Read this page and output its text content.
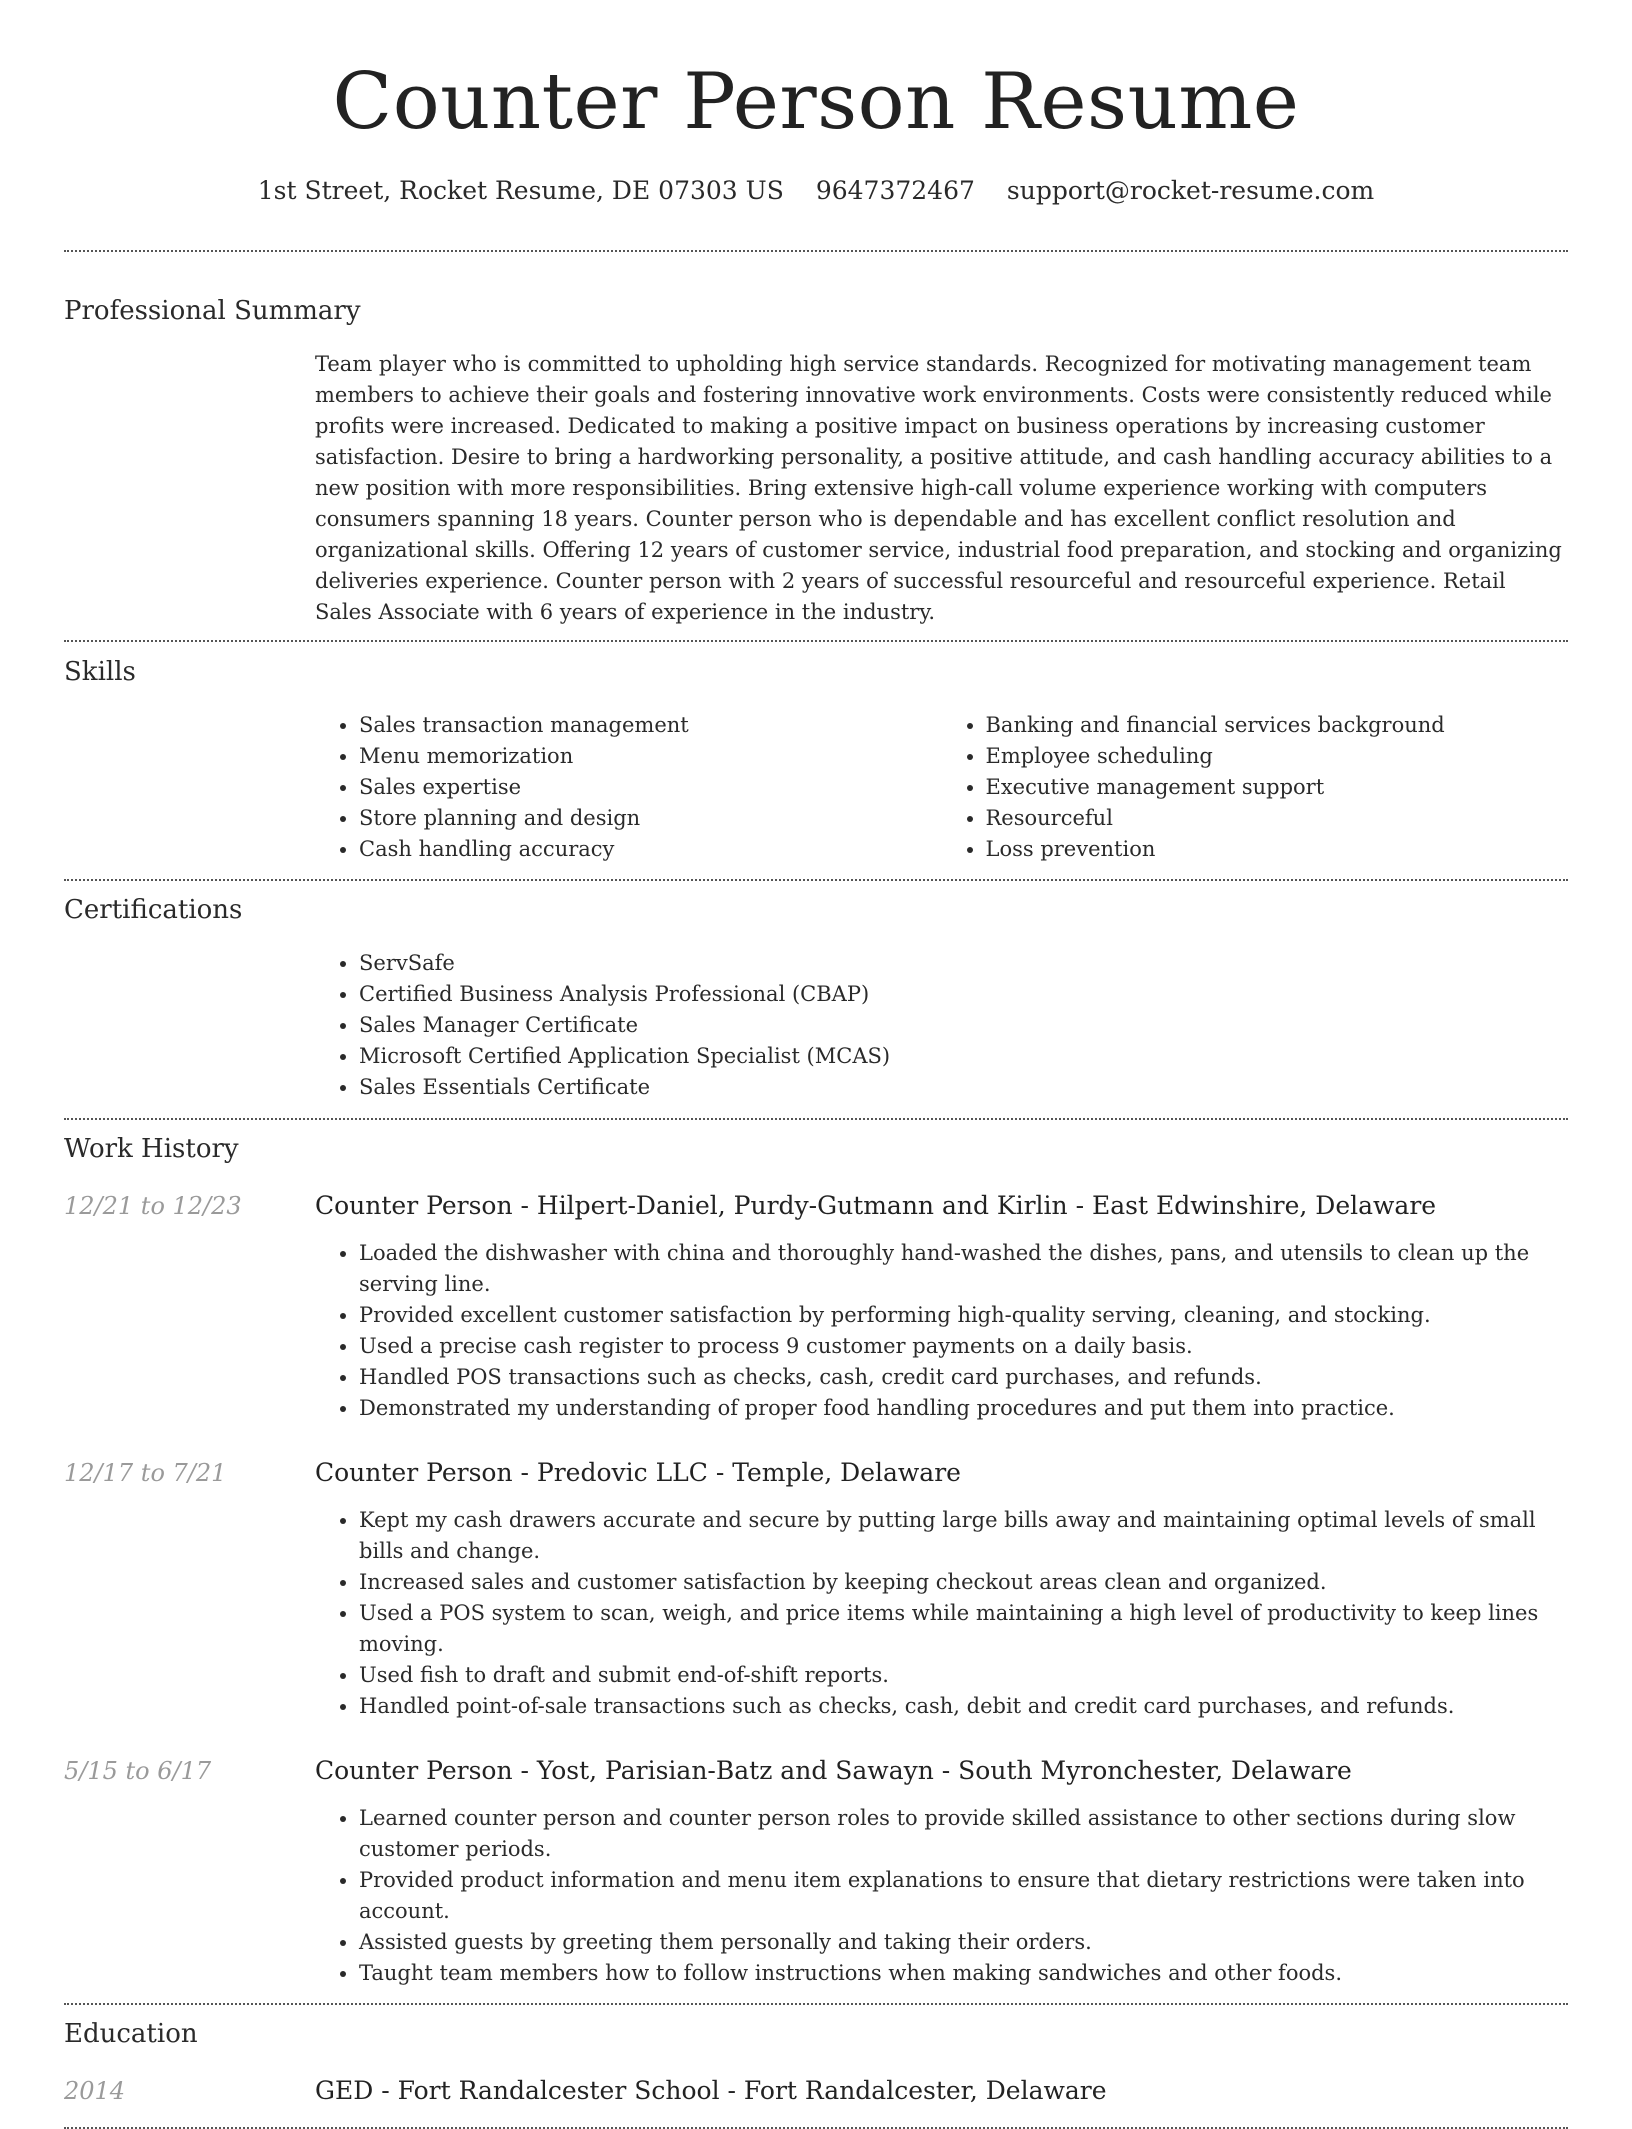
Counter Person Resume
1st Street, Rocket Resume, DE 07303 US 9647372467 support@rocket-resume.com
Professional Summary

Team player who is committed to upholding high service standards. Recognized for motivating management team members to achieve their goals and fostering innovative work environments. Costs were consistently reduced while profits were increased. Dedicated to making a positive impact on business operations by increasing customer satisfaction. Desire to bring a hardworking personality, a positive attitude, and cash handling accuracy abilities to a new position with more responsibilities. Bring extensive high-call volume experience working with computers consumers spanning 18 years. Counter person who is dependable and has excellent conflict resolution and organizational skills. Offering 12 years of customer service, industrial food preparation, and stocking and organizing deliveries experience. Counter person with 2 years of successful resourceful and resourceful experience. Retail Sales Associate with 6 years of experience in the industry.

Skills
• Sales transaction management
• Menu memorization
• Sales expertise
• Store planning and design
• Cash handling accuracy
• Banking and financial services background
• Employee scheduling
• Executive management support
• Resourceful
• Loss prevention
Certifications
• ServSafe
• Certified Business Analysis Professional (CBAP)
• Sales Manager Certificate
• Microsoft Certified Application Specialist (MCAS)
• Sales Essentials Certificate
Work History
12/21 to 12/23	Counter Person - Hilpert-Daniel, Purdy-Gutmann and Kirlin - East Edwinshire, Delaware
• Loaded the dishwasher with china and thoroughly hand-washed the dishes, pans, and utensils to clean up the serving line.
• Provided excellent customer satisfaction by performing high-quality serving, cleaning, and stocking.
• Used a precise cash register to process 9 customer payments on a daily basis.
• Handled POS transactions such as checks, cash, credit card purchases, and refunds.
• Demonstrated my understanding of proper food handling procedures and put them into practice.
12/17 to 7/21	Counter Person - Predovic LLC - Temple, Delaware
• Kept my cash drawers accurate and secure by putting large bills away and maintaining optimal levels of small bills and change.
• Increased sales and customer satisfaction by keeping checkout areas clean and organized.
• Used a POS system to scan, weigh, and price items while maintaining a high level of productivity to keep lines moving.
• Used fish to draft and submit end-of-shift reports.
• Handled point-of-sale transactions such as checks, cash, debit and credit card purchases, and refunds.
5/15 to 6/17	Counter Person - Yost, Parisian-Batz and Sawayn - South Myronchester, Delaware
• Learned counter person and counter person roles to provide skilled assistance to other sections during slow customer periods.
• Provided product information and menu item explanations to ensure that dietary restrictions were taken into account.
• Assisted guests by greeting them personally and taking their orders.
• Taught team members how to follow instructions when making sandwiches and other foods.
Education
2014	GED - Fort Randalcester School - Fort Randalcester, Delaware
